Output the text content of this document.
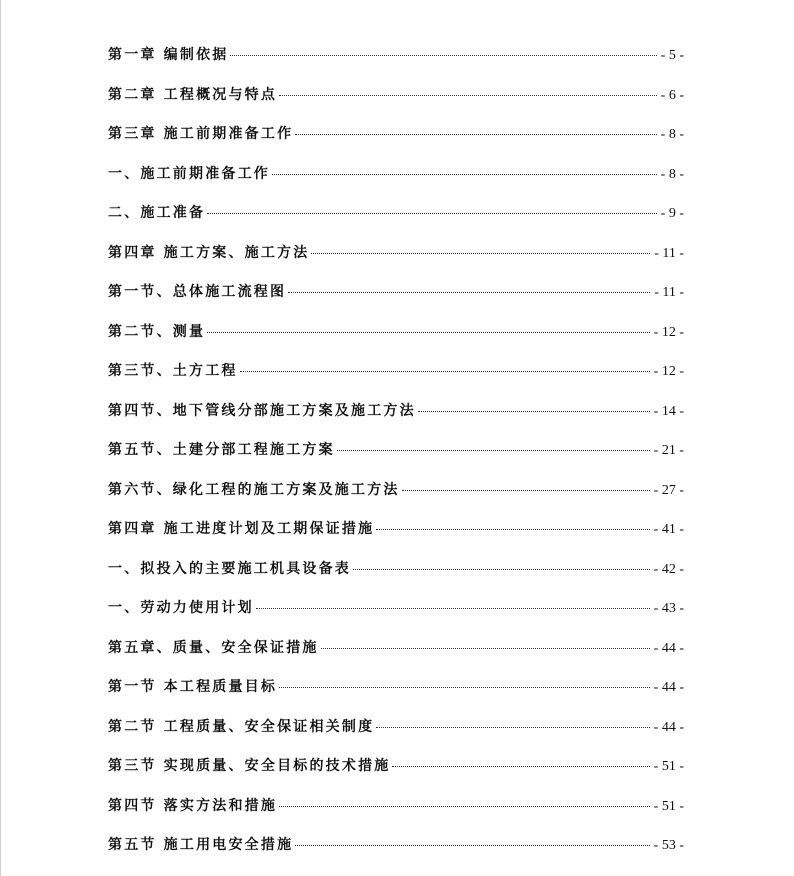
第一章 编制依据	- 5 -
第二章 工程概况与特点	- 6 -
第三章 施工前期准备工作	- 8 -
一、施工前期准备工作	- 8 -
二、施工准备	- 9 -
第四章 施工方案、施工方法	- 11 -
第一节、总体施工流程图	- 11 -
第二节、测量	- 12 -
第三节、土方工程	- 12 -
第四节、地下管线分部施工方案及施工方法	- 14 -
第五节、土建分部工程施工方案	- 21 -
第六节、绿化工程的施工方案及施工方法	- 27 -
第四章 施工进度计划及工期保证措施	- 41 -
一、拟投入的主要施工机具设备表	- 42 -
一、劳动力使用计划	- 43 -
第五章、质量、安全保证措施	- 44 -
第一节 本工程质量目标	- 44 -
第二节 工程质量、安全保证相关制度	- 44 -
第三节 实现质量、安全目标的技术措施	- 51 -
第四节 落实方法和措施	- 51 -
第五节 施工用电安全措施	- 53 -
